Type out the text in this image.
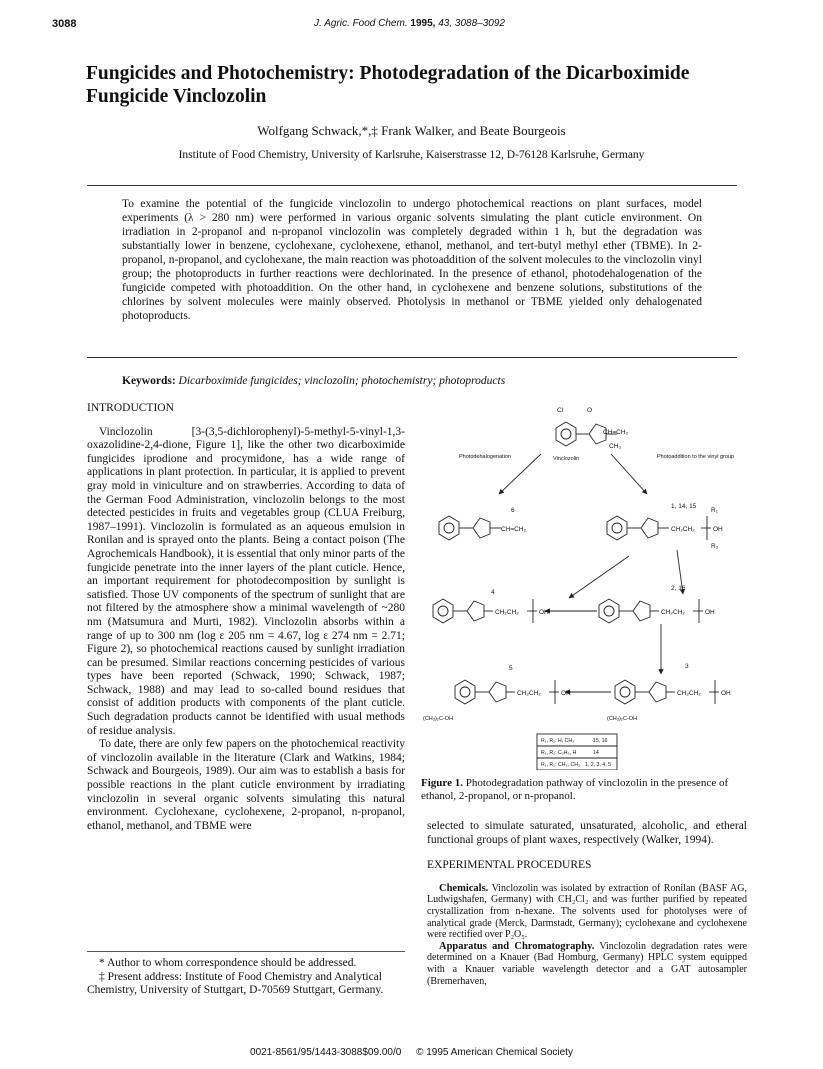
3088	J. Agric. Food Chem. 1995, 43, 3088–3092
Fungicides and Photochemistry: Photodegradation of the Dicarboximide Fungicide Vinclozolin
Wolfgang Schwack,*,‡ Frank Walker, and Beate Bourgeois
Institute of Food Chemistry, University of Karlsruhe, Kaiserstrasse 12, D-76128 Karlsruhe, Germany
To examine the potential of the fungicide vinclozolin to undergo photochemical reactions on plant surfaces, model experiments (λ > 280 nm) were performed in various organic solvents simulating the plant cuticle environment. On irradiation in 2-propanol and n-propanol vinclozolin was completely degraded within 1 h, but the degradation was substantially lower in benzene, cyclohexane, cyclohexene, ethanol, methanol, and tert-butyl methyl ether (TBME). In 2-propanol, n-propanol, and cyclohexane, the main reaction was photoaddition of the solvent molecules to the vinclozolin vinyl group; the photoproducts in further reactions were dechlorinated. In the presence of ethanol, photodehalogenation of the fungicide competed with photoaddition. On the other hand, in cyclohexene and benzene solutions, substitutions of the chlorines by solvent molecules were mainly observed. Photolysis in methanol or TBME yielded only dehalogenated photoproducts.
Keywords: Dicarboximide fungicides; vinclozolin; photochemistry; photoproducts
INTRODUCTION

Vinclozolin [3-(3,5-dichlorophenyl)-5-methyl-5-vinyl-1,3-oxazolidine-2,4-dione, Figure 1], like the other two dicarboximide fungicides iprodione and procymidone, has a wide range of applications in plant protection. In particular, it is applied to prevent gray mold in viniculture and on strawberries. According to data of the German Food Administration, vinclozolin belongs to the most detected pesticides in fruits and vegetables group (CLUA Freiburg, 1987–1991). Vinclozolin is formulated as an aqueous emulsion in Ronilan and is sprayed onto the plants. Being a contact poison (The Agrochemicals Handbook), it is essential that only minor parts of the fungicide penetrate into the inner layers of the plant cuticle. Hence, an important requirement for photodecomposition by sunlight is satisfied. Those UV components of the spectrum of sunlight that are not filtered by the atmosphere show a minimal wavelength of ~280 nm (Matsumura and Murti, 1982). Vinclozolin absorbs within a range of up to 300 nm (log ε 205 nm = 4.67, log ε 274 nm = 2.71; Figure 2), so photochemical reactions caused by sunlight irradiation can be presumed. Similar reactions concerning pesticides of various types have been reported (Schwack, 1990; Schwack, 1987; Schwack, 1988) and may lead to so-called bound residues that consist of addition products with components of the plant cuticle. Such degradation products cannot be identified with usual methods of residue analysis.

To date, there are only few papers on the photochemical reactivity of vinclozolin available in the literature (Clark and Watkins, 1984; Schwack and Bourgeois, 1989). Our aim was to establish a basis for possible reactions in the plant cuticle environment by irradiating vinclozolin in several organic solvents simulating this natural environment. Cyclohexane, cyclohexene, 2-propanol, n-propanol, ethanol, methanol, and TBME were

* Author to whom correspondence should be addressed.

‡ Present address: Institute of Food Chemistry and Analytical Chemistry, University of Stuttgart, D-70569 Stuttgart, Germany.

Cl	O
CH=CH₂
CH₃
Photodehalogenation	Vinclozolin	Photoaddition to the vinyl group
6
1, 14, 15
CH=CH₂	CH₂CH₂	OH
R₁
R₂
4
2, 16
CH₂CH₂	OH	CH₂CH₂	OH
5	3
CH₂CH₂	OH	CH₂CH₂	OH
(CH₃)₂C-OH	(CH₃)₂C-OH
R₁, R₂: H, CH₃	15, 16
R₁, R₂: C₂H₅, H	14
R₁, R₂: CH₃, CH₃ 1, 2, 3, 4, 5
Figure 1. Photodegradation pathway of vinclozolin in the presence of ethanol, 2-propanol, or n-propanol.

selected to simulate saturated, unsaturated, alcoholic, and etheral functional groups of plant waxes, respectively (Walker, 1994).

EXPERIMENTAL PROCEDURES

Chemicals. Vinclozolin was isolated by extraction of Ronilan (BASF AG, Ludwigshafen, Germany) with CH₂Cl₂ and was further purified by repeated crystallization from n-hexane. The solvents used for photolyses were of analytical grade (Merck, Darmstadt, Germany); cyclohexane and cyclohexene were rectified over P₂O₅.

Apparatus and Chromatography. Vinclozolin degradation rates were determined on a Knauer (Bad Homburg, Germany) HPLC system equipped with a Knauer variable wavelength detector and a GAT autosampler (Bremerhaven,

0021-8561/95/1443-3088$09.00/0 © 1995 American Chemical Society
